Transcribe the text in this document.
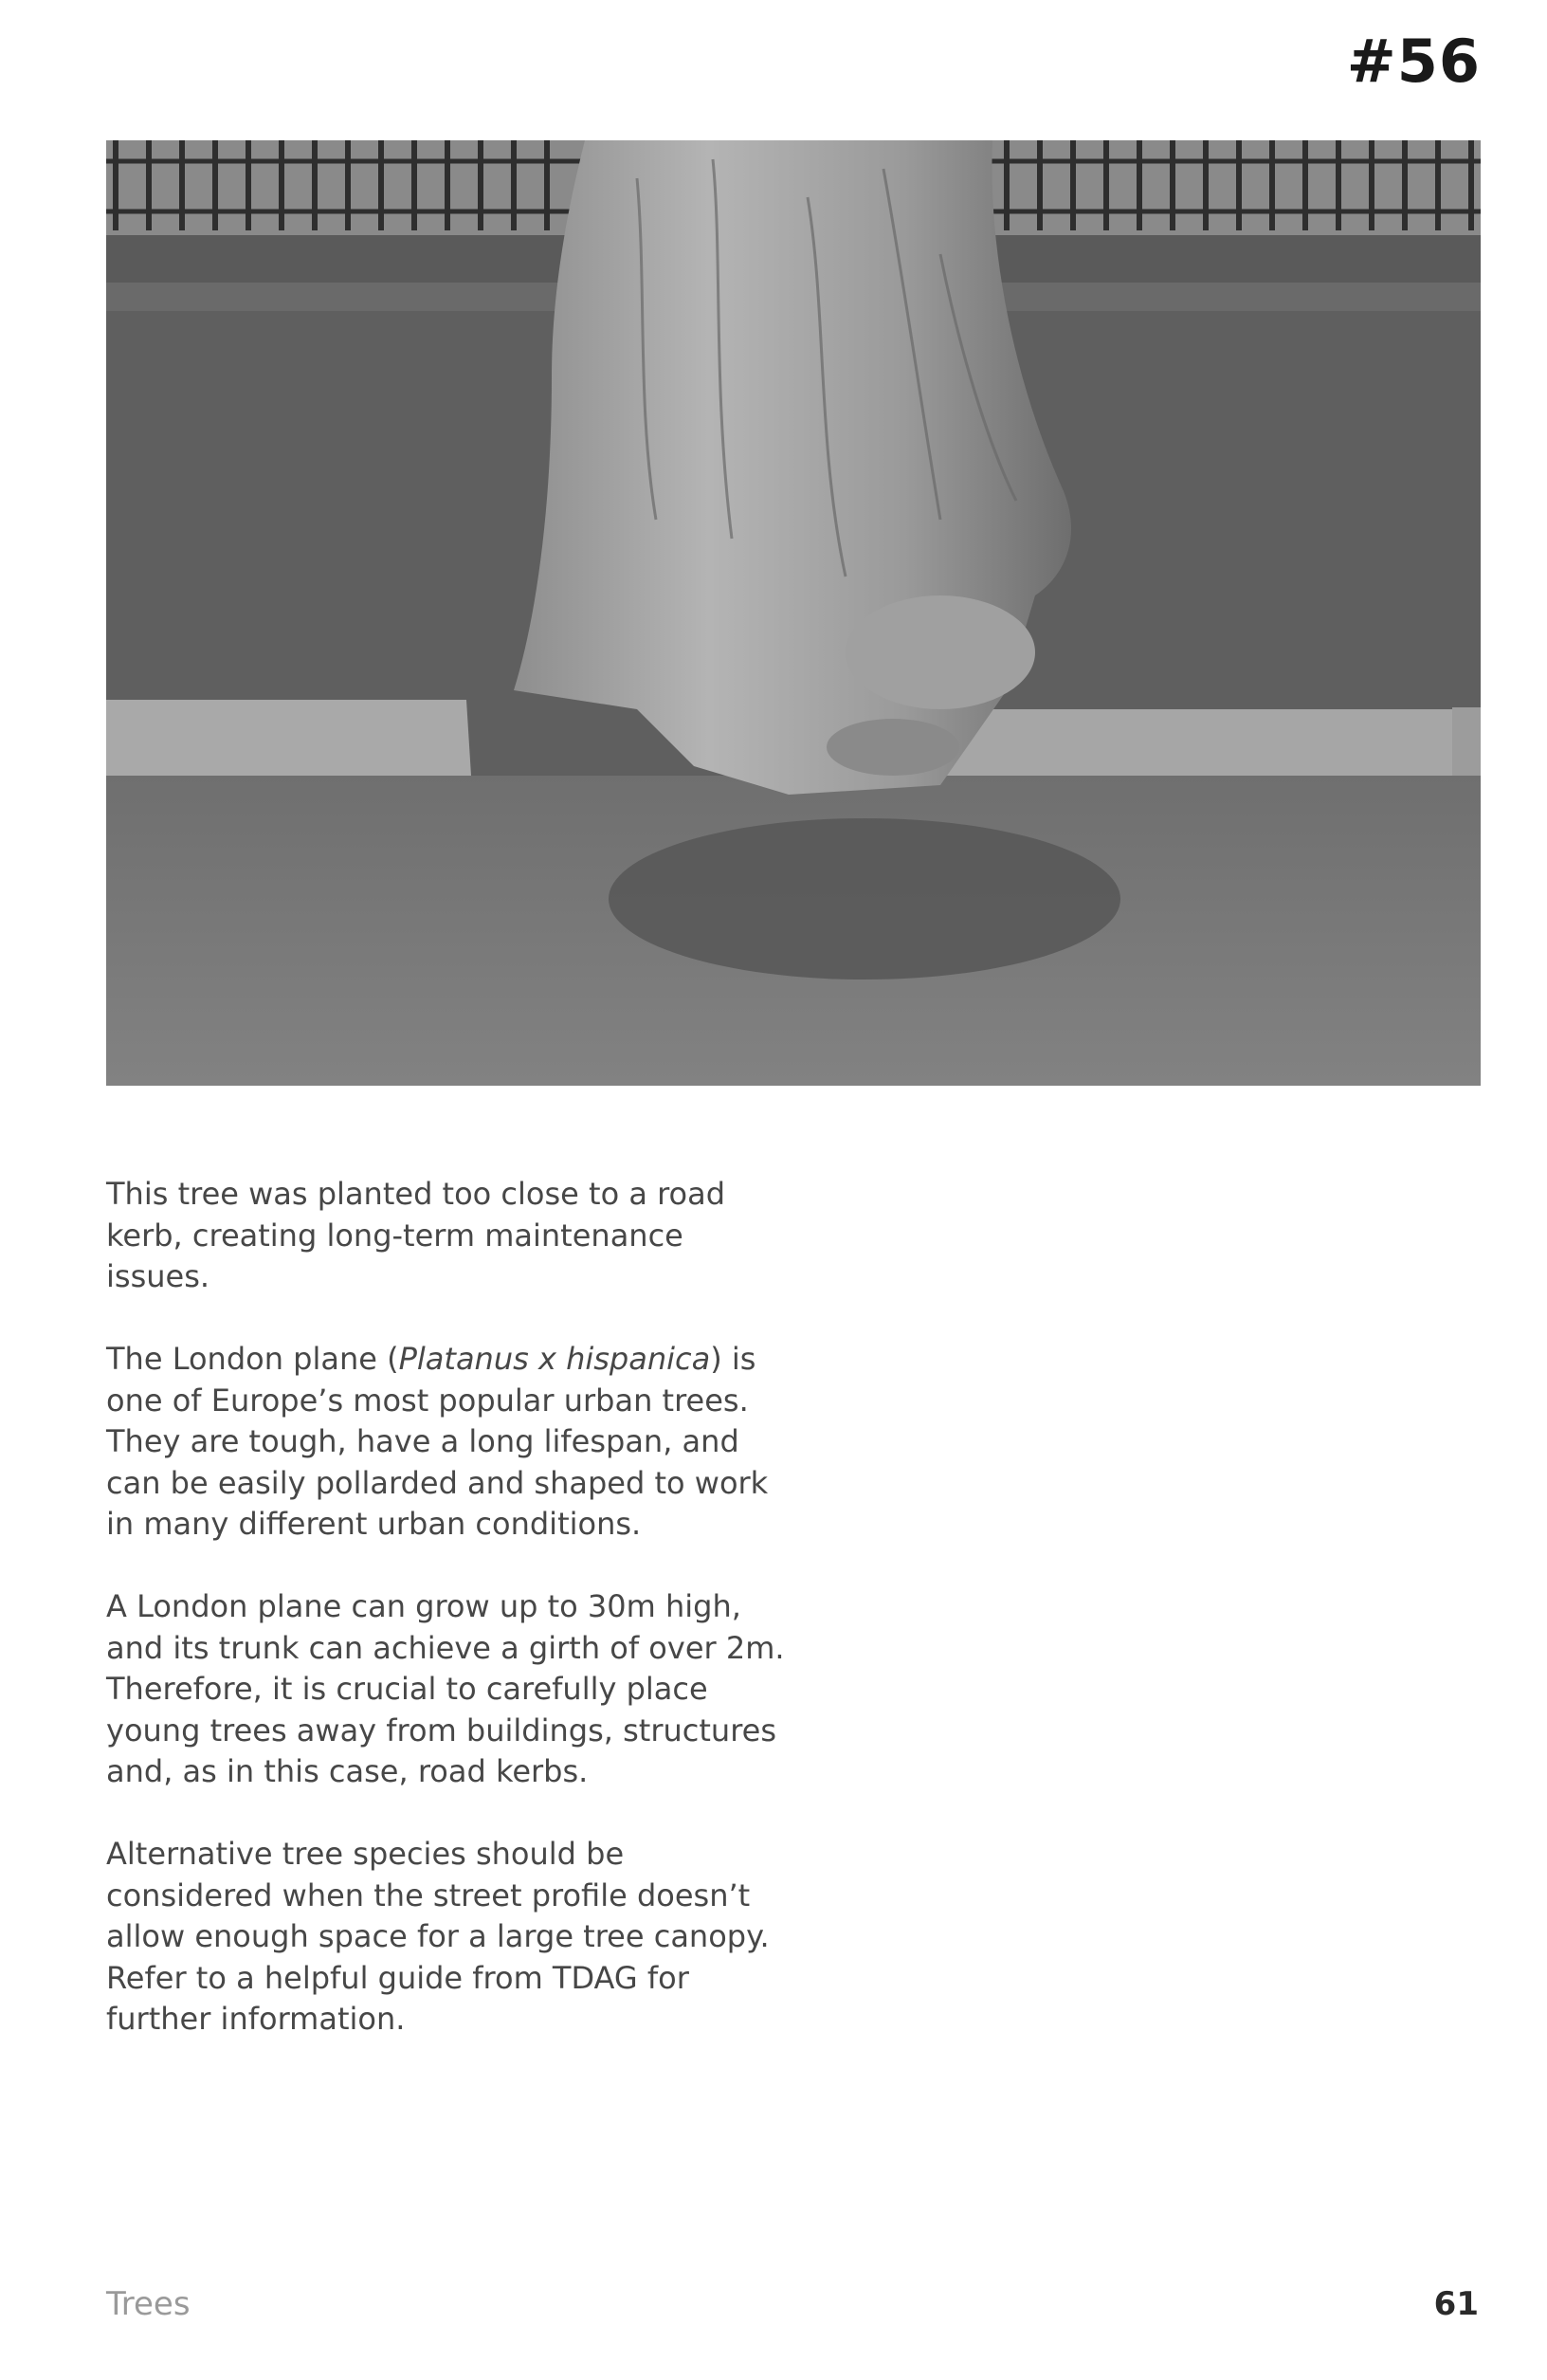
#56

This tree was planted too close to a road kerb, creating long-term maintenance issues.

The London plane (Platanus x hispanica) is one of Europe’s most popular urban trees. They are tough, have a long lifespan, and can be easily pollarded and shaped to work in many different urban conditions.

A London plane can grow up to 30m high, and its trunk can achieve a girth of over 2m. Therefore, it is crucial to carefully place young trees away from buildings, structures and, as in this case, road kerbs.

Alternative tree species should be considered when the street profile doesn’t allow enough space for a large tree canopy. Refer to a helpful guide from TDAG for further information.

Trees	61
